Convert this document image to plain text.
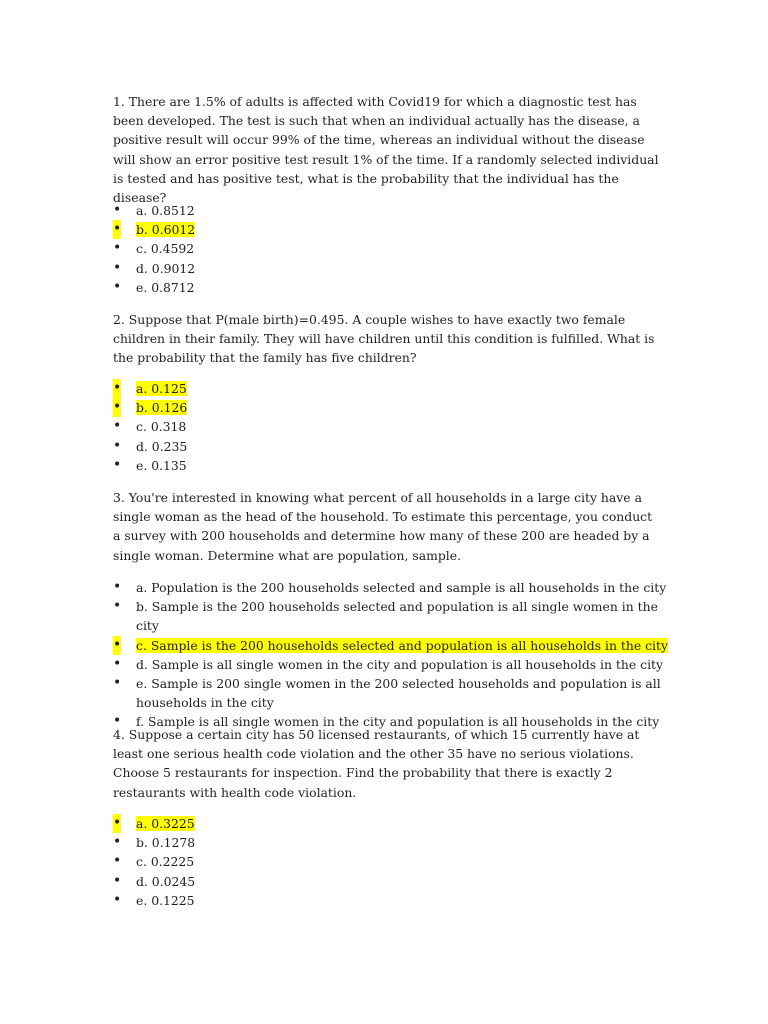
1. There are 1.5% of adults is affected with Covid19 for which a diagnostic test has been developed. The test is such that when an individual actually has the disease, a positive result will occur 99% of the time, whereas an individual without the disease will show an error positive test result 1% of the time. If a randomly selected individual is tested and has positive test, what is the probability that the individual has the disease?

• a. 0.8512
• b. 0.6012
• c. 0.4592
• d. 0.9012
• e. 0.8712

2. Suppose that P(male birth)=0.495. A couple wishes to have exactly two female children in their family. They will have children until this condition is fulfilled. What is the probability that the family has five children?

• a. 0.125
• b. 0.126
• c. 0.318
• d. 0.235
• e. 0.135

3. You're interested in knowing what percent of all households in a large city have a single woman as the head of the household. To estimate this percentage, you conduct a survey with 200 households and determine how many of these 200 are headed by a single woman. Determine what are population, sample.

• a. Population is the 200 households selected and sample is all households in the city
• b. Sample is the 200 households selected and population is all single women in the city
• c. Sample is the 200 households selected and population is all households in the city
• d. Sample is all single women in the city and population is all households in the city
• e. Sample is 200 single women in the 200 selected households and population is all households in the city
• f. Sample is all single women in the city and population is all households in the city

4. Suppose a certain city has 50 licensed restaurants, of which 15 currently have at least one serious health code violation and the other 35 have no serious violations. Choose 5 restaurants for inspection. Find the probability that there is exactly 2 restaurants with health code violation.

• a. 0.3225
• b. 0.1278
• c. 0.2225
• d. 0.0245
• e. 0.1225
